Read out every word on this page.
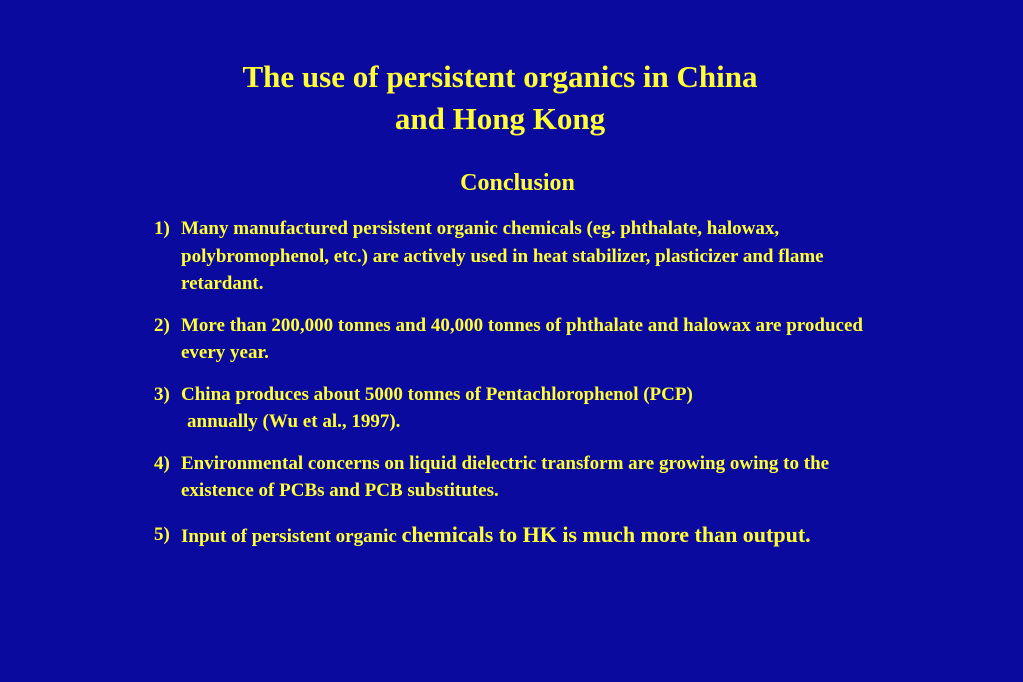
The use of persistent organics in China
and Hong Kong
Conclusion
1) Many manufactured persistent organic chemicals (eg. phthalate, halowax, polybromophenol, etc.) are actively used in heat stabilizer, plasticizer and flame retardant.
2) More than 200,000 tonnes and 40,000 tonnes of phthalate and halowax are produced every year.
3) China produces about 5000 tonnes of Pentachlorophenol (PCP)
annually (Wu et al., 1997).
4) Environmental concerns on liquid dielectric transform are growing owing to the existence of PCBs and PCB substitutes.
5) Input of persistent organic chemicals to HK is much more than output.
